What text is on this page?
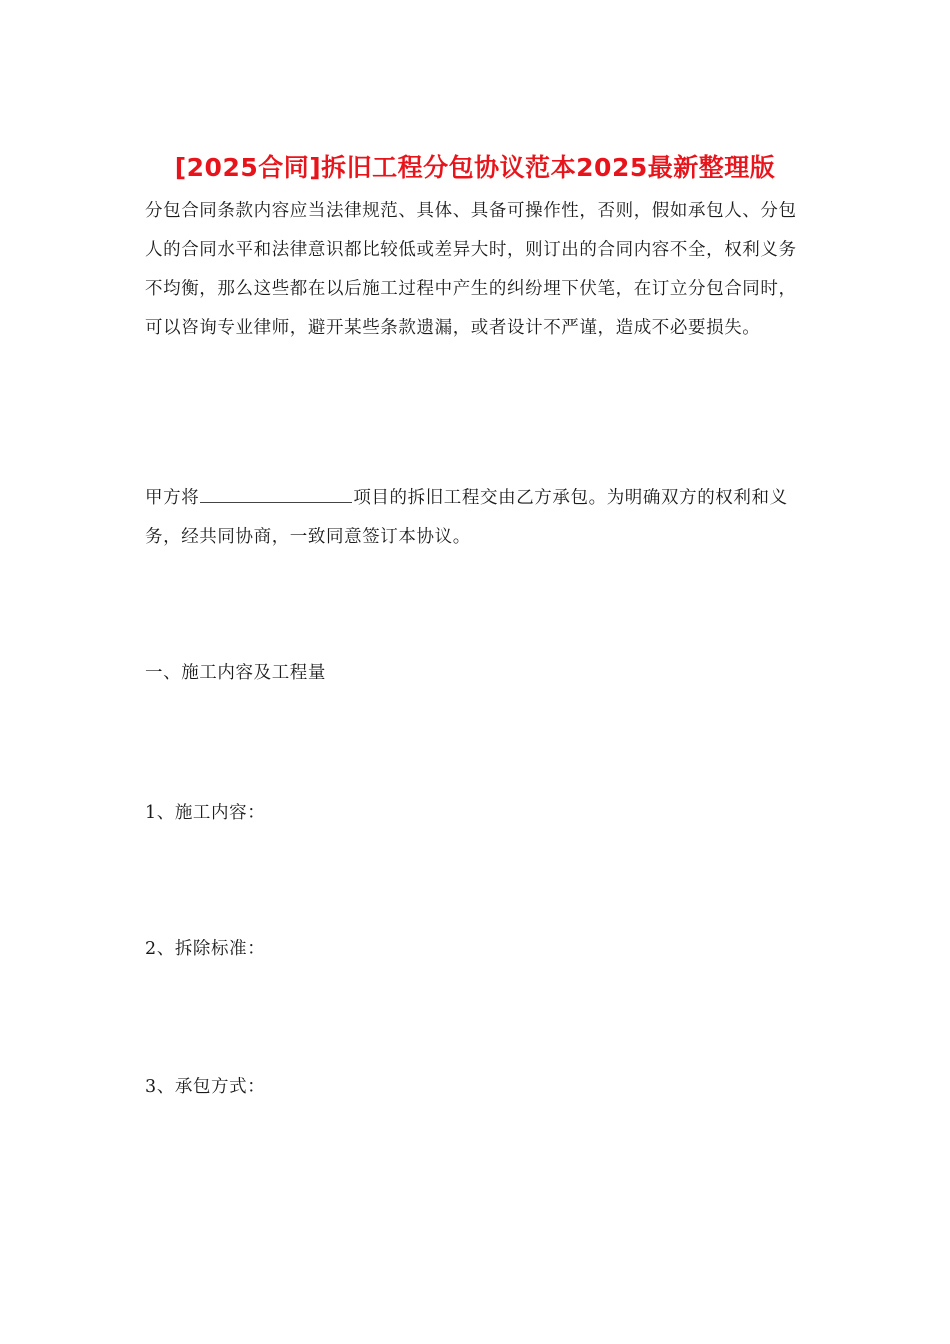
[2025合同]拆旧工程分包协议范本2025最新整理版
分包合同条款内容应当法律规范、具体、具备可操作性，否则，假如承包人、分包人的合同水平和法律意识都比较低或差异大时，则订出的合同内容不全，权利义务不均衡，那么这些都在以后施工过程中产生的纠纷埋下伏笔，在订立分包合同时，可以咨询专业律师，避开某些条款遗漏，或者设计不严谨，造成不必要损失。
甲方将	项目的拆旧工程交由乙方承包。为明确双方的权利和义务，经共同协商，一致同意签订本协议。
一、施工内容及工程量
1、施工内容：
2、拆除标准：
3、承包方式：
